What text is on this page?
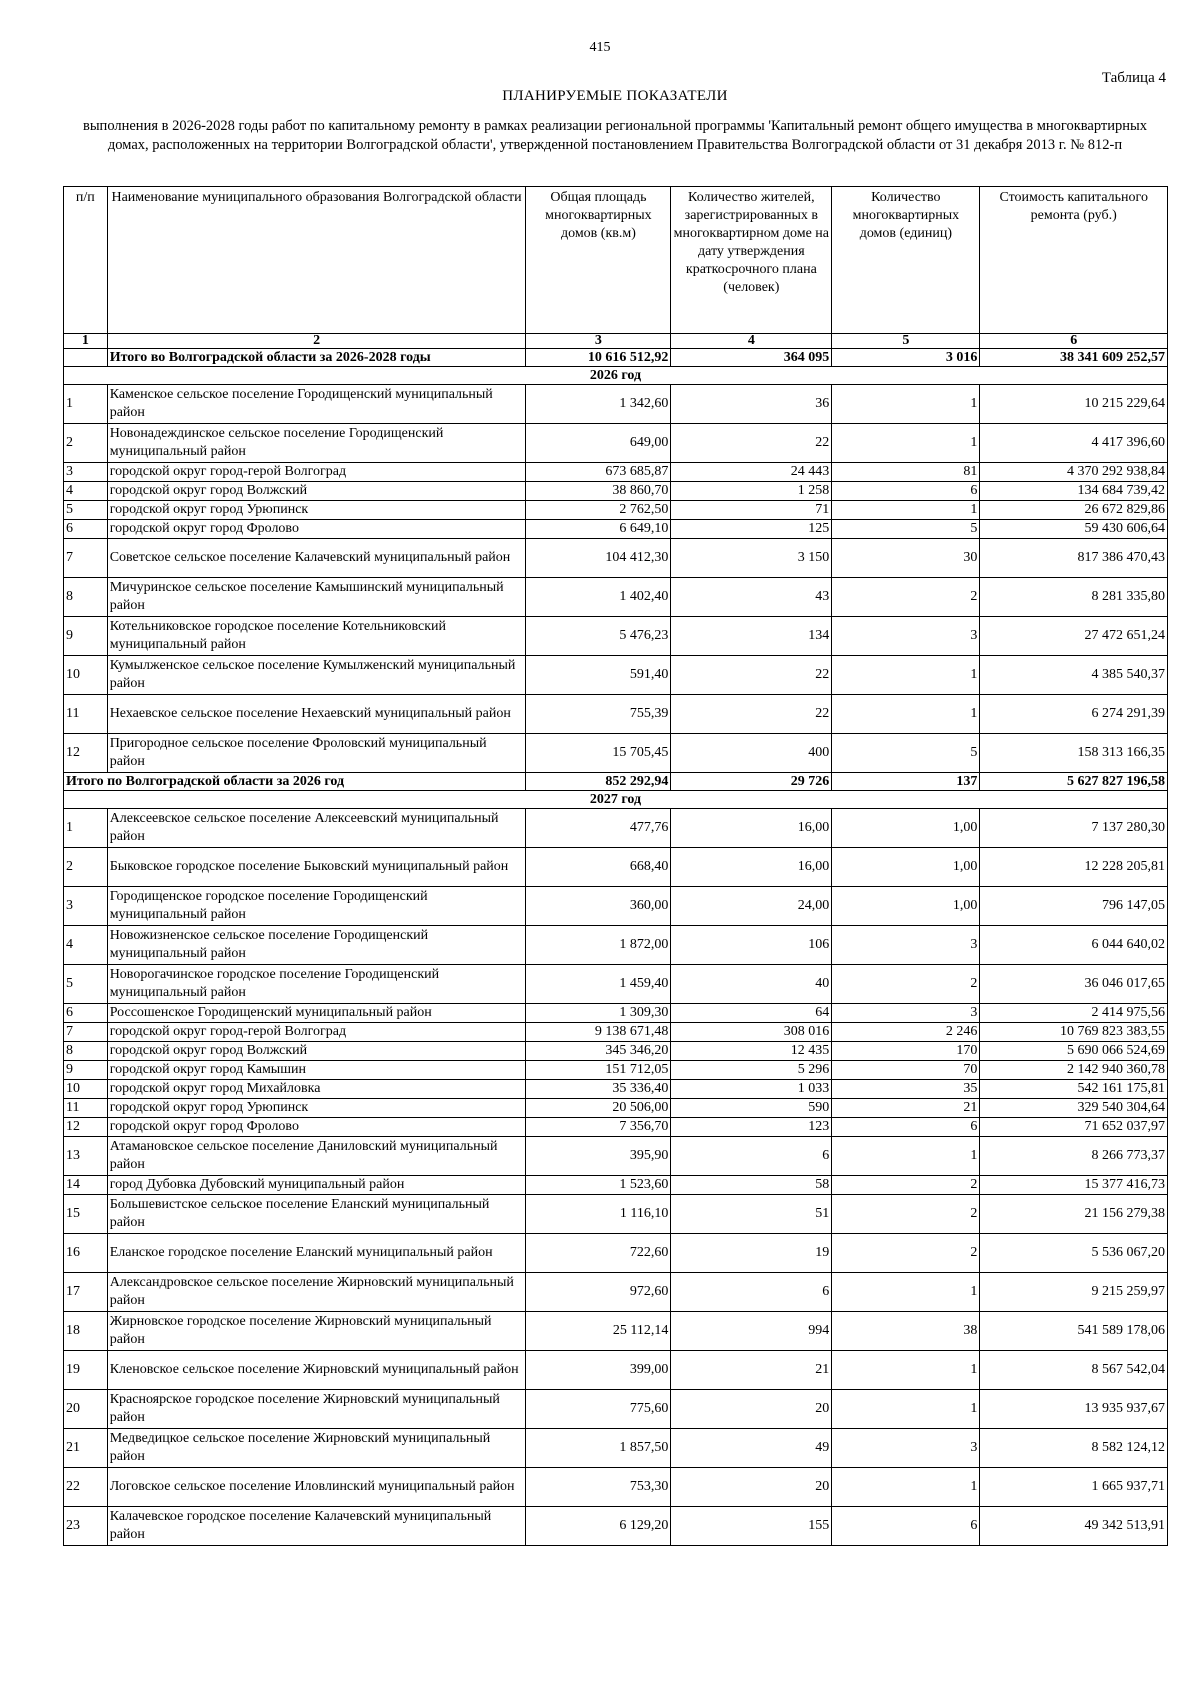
415
Таблица 4
ПЛАНИРУЕМЫЕ ПОКАЗАТЕЛИ
выполнения в 2026-2028 годы работ по капитальному ремонту в рамках реализации региональной программы 'Капитальный ремонт общего имущества в многоквартирных домах, расположенных на территории Волгоградской области', утвержденной постановлением Правительства Волгоградской области от 31 декабря 2013 г. № 812-п
п/п	Наименование муниципального образования Волгоградской области	Общая площадь многоквартирных домов (кв.м)	Количество жителей, зарегистрированных в многоквартирном доме на дату утверждения краткосрочного плана (человек)	Количество многоквартирных домов (единиц)	Стоимость капитального ремонта (руб.)
1	2	3	4	5	6
	Итого во Волгоградской области за 2026-2028 годы	10 616 512,92	364 095	3 016	38 341 609 252,57
2026 год					
1	Каменское сельское поселение Городищенский муниципальный район	1 342,60	36	1	10 215 229,64
2	Новонадеждинское сельское поселение Городищенский муниципальный район	649,00	22	1	4 417 396,60
3	городской округ город-герой Волгоград	673 685,87	24 443	81	4 370 292 938,84
4	городской округ город Волжский	38 860,70	1 258	6	134 684 739,42
5	городской округ город Урюпинск	2 762,50	71	1	26 672 829,86
6	городской округ город Фролово	6 649,10	125	5	59 430 606,64
7	Советское сельское поселение Калачевский муниципальный район	104 412,30	3 150	30	817 386 470,43
8	Мичуринское сельское поселение Камышинский муниципальный район	1 402,40	43	2	8 281 335,80
9	Котельниковское городское поселение Котельниковский муниципальный район	5 476,23	134	3	27 472 651,24
10	Кумылженское сельское поселение Кумылженский муниципальный район	591,40	22	1	4 385 540,37
11	Нехаевское сельское поселение Нехаевский муниципальный район	755,39	22	1	6 274 291,39
12	Пригородное сельское поселение Фроловский муниципальный район	15 705,45	400	5	158 313 166,35
Итого по Волгоградской области за 2026 год		852 292,94	29 726	137	5 627 827 196,58
2027 год					
1	Алексеевское сельское поселение Алексеевский муниципальный район	477,76	16,00	1,00	7 137 280,30
2	Быковское городское поселение Быковский муниципальный район	668,40	16,00	1,00	12 228 205,81
3	Городищенское городское поселение Городищенский муниципальный район	360,00	24,00	1,00	796 147,05
4	Новожизненское сельское поселение Городищенский муниципальный район	1 872,00	106	3	6 044 640,02
5	Новорогачинское городское поселение Городищенский муниципальный район	1 459,40	40	2	36 046 017,65
6	Россошенское Городищенский муниципальный район	1 309,30	64	3	2 414 975,56
7	городской округ город-герой Волгоград	9 138 671,48	308 016	2 246	10 769 823 383,55
8	городской округ город Волжский	345 346,20	12 435	170	5 690 066 524,69
9	городской округ город Камышин	151 712,05	5 296	70	2 142 940 360,78
10	городской округ город Михайловка	35 336,40	1 033	35	542 161 175,81
11	городской округ город Урюпинск	20 506,00	590	21	329 540 304,64
12	городской округ город Фролово	7 356,70	123	6	71 652 037,97
13	Атамановское сельское поселение Даниловский муниципальный район	395,90	6	1	8 266 773,37
14	город Дубовка Дубовский муниципальный район	1 523,60	58	2	15 377 416,73
15	Большевистское сельское поселение Еланский муниципальный район	1 116,10	51	2	21 156 279,38
16	Еланское городское поселение Еланский муниципальный район	722,60	19	2	5 536 067,20
17	Александровское сельское поселение Жирновский муниципальный район	972,60	6	1	9 215 259,97
18	Жирновское городское поселение Жирновский муниципальный район	25 112,14	994	38	541 589 178,06
19	Кленовское сельское поселение Жирновский муниципальный район	399,00	21	1	8 567 542,04
20	Красноярское городское поселение Жирновский муниципальный район	775,60	20	1	13 935 937,67
21	Медведицкое сельское поселение Жирновский муниципальный район	1 857,50	49	3	8 582 124,12
22	Логовское сельское поселение Иловлинский муниципальный район	753,30	20	1	1 665 937,71
23	Калачевское городское поселение Калачевский муниципальный район	6 129,20	155	6	49 342 513,91
